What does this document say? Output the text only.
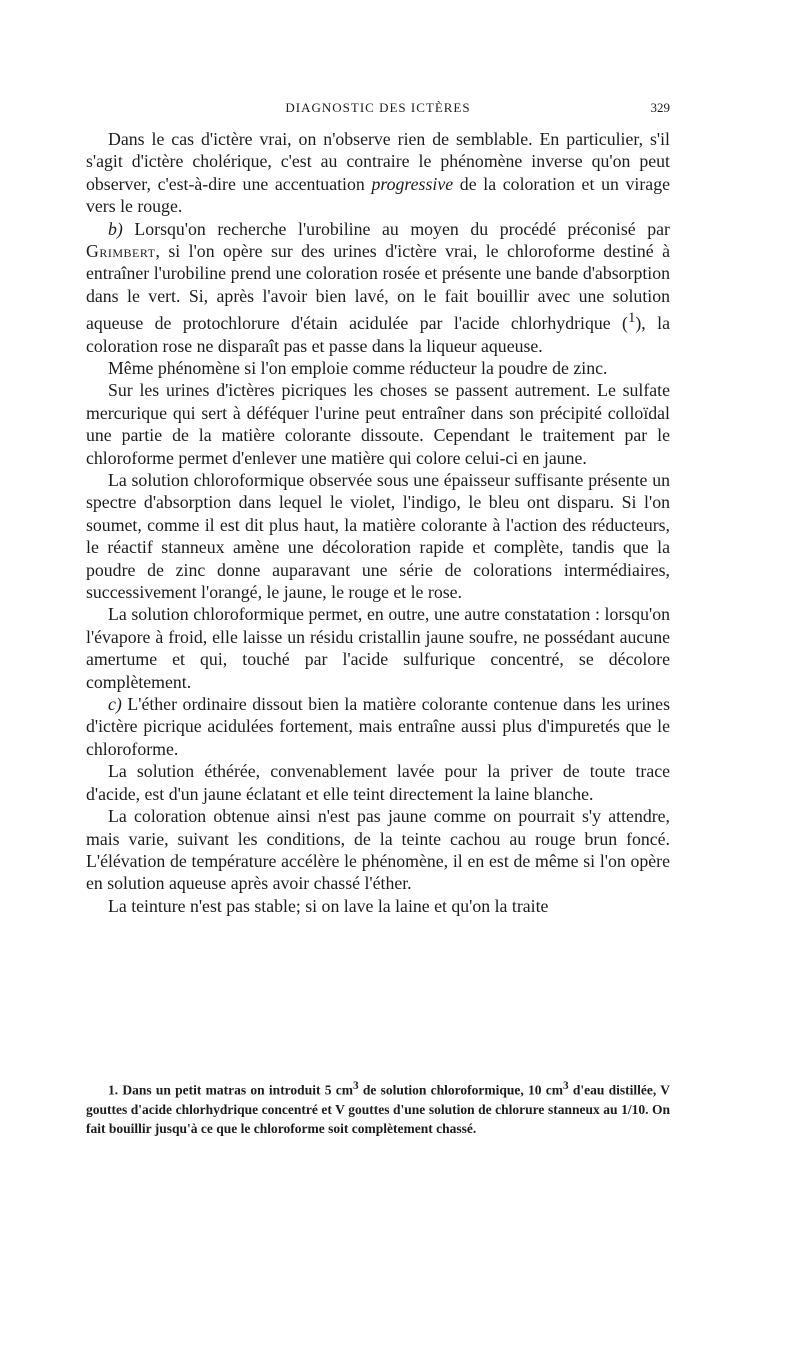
DIAGNOSTIC DES ICTÈRES	329

Dans le cas d'ictère vrai, on n'observe rien de semblable. En particulier, s'il s'agit d'ictère cholérique, c'est au contraire le phénomène inverse qu'on peut observer, c'est-à-dire une accentuation progressive de la coloration et un virage vers le rouge.

b) Lorsqu'on recherche l'urobiline au moyen du procédé préconisé par Grimbert, si l'on opère sur des urines d'ictère vrai, le chloroforme destiné à entraîner l'urobiline prend une coloration rosée et présente une bande d'absorption dans le vert. Si, après l'avoir bien lavé, on le fait bouillir avec une solution aqueuse de protochlorure d'étain acidulée par l'acide chlorhydrique ($^1$), la coloration rose ne disparaît pas et passe dans la liqueur aqueuse.

Même phénomène si l'on emploie comme réducteur la poudre de zinc.

Sur les urines d'ictères picriques les choses se passent autrement. Le sulfate mercurique qui sert à déféquer l'urine peut entraîner dans son précipité colloïdal une partie de la matière colorante dissoute. Cependant le traitement par le chloroforme permet d'enlever une matière qui colore celui-ci en jaune.

La solution chloroformique observée sous une épaisseur suffisante présente un spectre d'absorption dans lequel le violet, l'indigo, le bleu ont disparu. Si l'on soumet, comme il est dit plus haut, la matière colorante à l'action des réducteurs, le réactif stanneux amène une décoloration rapide et complète, tandis que la poudre de zinc donne auparavant une série de colorations intermédiaires, successivement l'orangé, le jaune, le rouge et le rose.

La solution chloroformique permet, en outre, une autre constatation : lorsqu'on l'évapore à froid, elle laisse un résidu cristallin jaune soufre, ne possédant aucune amertume et qui, touché par l'acide sulfurique concentré, se décolore complètement.

c) L'éther ordinaire dissout bien la matière colorante contenue dans les urines d'ictère picrique acidulées fortement, mais entraîne aussi plus d'impuretés que le chloroforme.

La solution éthérée, convenablement lavée pour la priver de toute trace d'acide, est d'un jaune éclatant et elle teint directement la laine blanche.

La coloration obtenue ainsi n'est pas jaune comme on pourrait s'y attendre, mais varie, suivant les conditions, de la teinte cachou au rouge brun foncé. L'élévation de température accélère le phénomène, il en est de même si l'on opère en solution aqueuse après avoir chassé l'éther.

La teinture n'est pas stable; si on lave la laine et qu'on la traite

1. Dans un petit matras on introduit 5 $cm^3$ de solution chloroformique, 10 $cm^3$ d'eau distillée, V gouttes d'acide chlorhydrique concentré et V gouttes d'une solution de chlorure stanneux au 1/10. On fait bouillir jusqu'à ce que le chloroforme soit complètement chassé.
